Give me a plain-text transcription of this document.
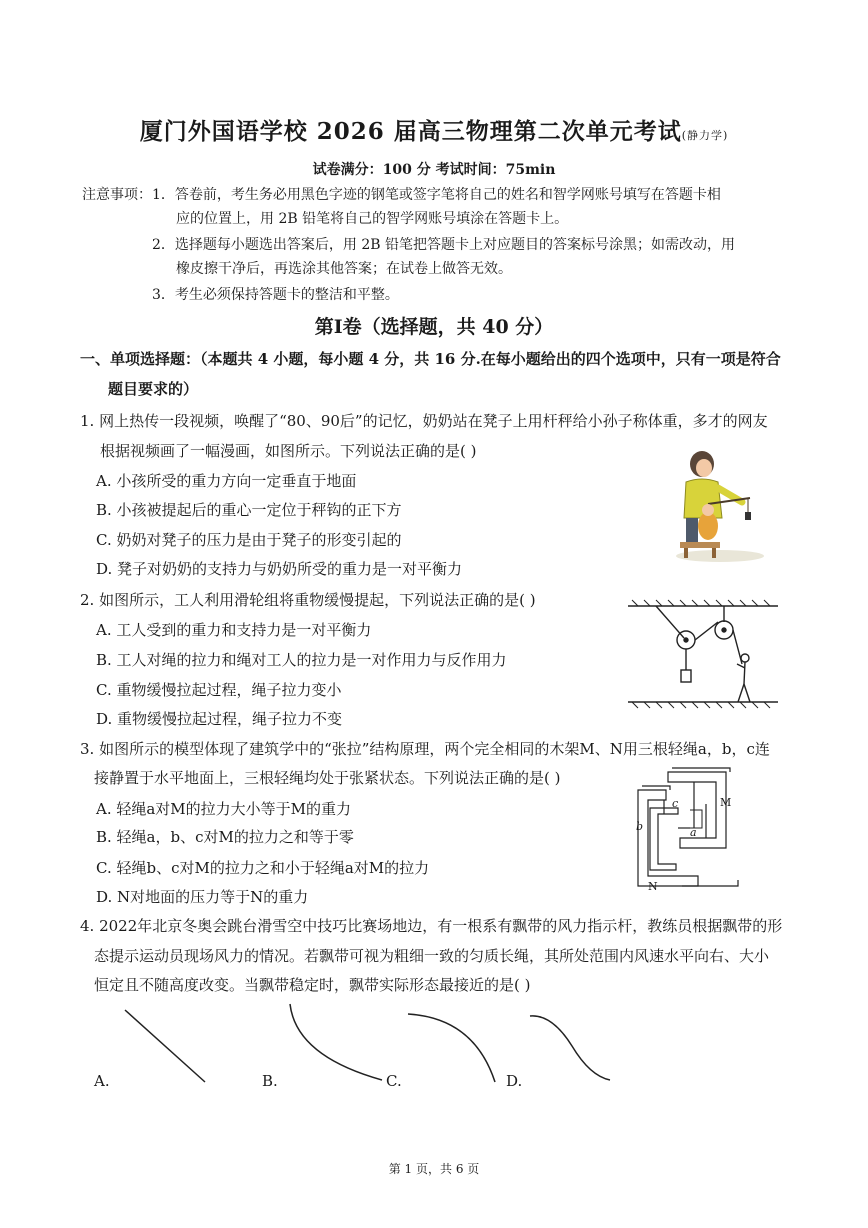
厦门外国语学校 2026 届高三物理第二次单元考试(静力学)
试卷满分：100 分 考试时间：75min
注意事项： 1．答卷前，考生务必用黑色字迹的钢笔或签字笔将自己的姓名和智学网账号填写在答题卡相
应的位置上，用 2B 铅笔将自己的智学网账号填涂在答题卡上。
2．选择题每小题选出答案后，用 2B 铅笔把答题卡上对应题目的答案标号涂黑；如需改动，用
橡皮擦干净后，再选涂其他答案；在试卷上做答无效。
3．考生必须保持答题卡的整洁和平整。
第Ⅰ卷（选择题，共 40 分）
一、单项选择题：（本题共 4 小题，每小题 4 分，共 16 分.在每小题给出的四个选项中，只有一项是符合
题目要求的）
1. 网上热传一段视频，唤醒了“80、90后”的记忆，奶奶站在凳子上用杆秤给小孙子称体重，多才的网友
根据视频画了一幅漫画，如图所示。下列说法正确的是( )
A. 小孩所受的重力方向一定垂直于地面
B. 小孩被提起后的重心一定位于秤钩的正下方
C. 奶奶对凳子的压力是由于凳子的形变引起的
D. 凳子对奶奶的支持力与奶奶所受的重力是一对平衡力
2. 如图所示，工人利用滑轮组将重物缓慢提起，下列说法正确的是( )
A. 工人受到的重力和支持力是一对平衡力
B. 工人对绳的拉力和绳对工人的拉力是一对作用力与反作用力
C. 重物缓慢拉起过程，绳子拉力变小
D. 重物缓慢拉起过程，绳子拉力不变
3. 如图所示的模型体现了建筑学中的“张拉”结构原理，两个完全相同的木架M、N用三根轻绳a，b，c连
接静置于水平地面上，三根轻绳均处于张紧状态。下列说法正确的是( )
A. 轻绳a对M的拉力大小等于M的重力
B. 轻绳a，b、c对M的拉力之和等于零
C. 轻绳b、c对M的拉力之和小于轻绳a对M的拉力
D. N对地面的压力等于N的重力
M
N
a
b
c
4. 2022年北京冬奥会跳台滑雪空中技巧比赛场地边，有一根系有飘带的风力指示杆，教练员根据飘带的形
态提示运动员现场风力的情况。若飘带可视为粗细一致的匀质长绳，其所处范围内风速水平向右、大小
恒定且不随高度改变。当飘带稳定时，飘带实际形态最接近的是( )
A.	B.	C.	D.
第 1 页，共 6 页
